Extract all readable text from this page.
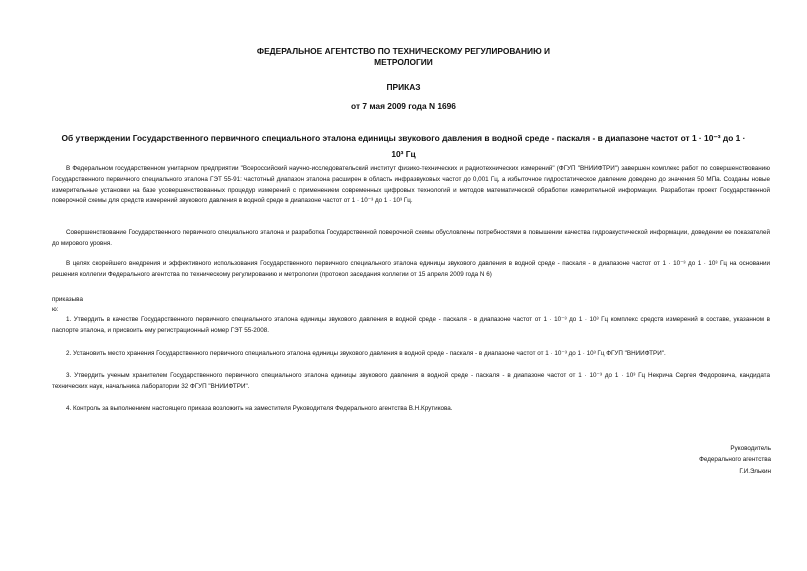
ФЕДЕРАЛЬНОЕ АГЕНТСТВО ПО ТЕХНИЧЕСКОМУ РЕГУЛИРОВАНИЮ И
МЕТРОЛОГИИ
ПРИКАЗ
от 7 мая 2009 года N 1696
Об утверждении Государственного первичного специального эталона единицы звукового давления в водной среде - паскаля - в диапазоне частот от 1 · 10⁻³ до 1 ·
10³ Гц

В Федеральном государственном унитарном предприятии "Всероссийский научно-исследовательский институт физико-технических и радиотехнических измерений" (ФГУП "ВНИИФТРИ") завершен комплекс работ по совершенствованию Государственного первичного специального эталона ГЭТ 55-91: частотный диапазон эталона расширен в область инфразвуковых частот до 0,001 Гц, а избыточное гидростатическое давление доведено до значения 50 МПа. Созданы новые измерительные установки на базе усовершенствованных процедур измерений с применением современных цифровых технологий и методов математической обработки измерительной информации. Разработан проект Государственной поверочной схемы для средств измерений звукового давления в водной среде в диапазоне частот от 1 · 10⁻³ до 1 · 10³ Гц.

Совершенствование Государственного первичного специального эталона и разработка Государственной поверочной схемы обусловлены потребностями в повышении качества гидроакустической информации, доведении ее показателей до мирового уровня.

В целях скорейшего внедрения и эффективного использования Государственного первичного специального эталона единицы звукового давления в водной среде - паскаля - в диапазоне частот от 1 · 10⁻³ до 1 · 10³ Гц на основании решения коллегии Федерального агентства по техническому регулированию и метрологии (протокол заседания коллегии от 15 апреля 2009 года N 6)

приказыва
ю:

1. Утвердить в качестве Государственного первичного специального эталона единицы звукового давления в водной среде - паскаля - в диапазоне частот от 1 · 10⁻³ до 1 · 10³ Гц комплекс средств измерений в составе, указанном в паспорте эталона, и присвоить ему регистрационный номер ГЭТ 55-2008.

2. Установить место хранения Государственного первичного специального эталона единицы звукового давления в водной среде - паскаля - в диапазоне частот от 1 · 10⁻³ до 1 · 10³ Гц ФГУП "ВНИИФТРИ".

3. Утвердить ученым хранителем Государственного первичного специального эталона единицы звукового давления в водной среде - паскаля - в диапазоне частот от 1 · 10⁻³ до 1 · 10³ Гц Некрича Сергея Федоровича, кандидата технических наук, начальника лаборатории 32 ФГУП "ВНИИФТРИ".

4. Контроль за выполнением настоящего приказа возложить на заместителя Руководителя Федерального агентства В.Н.Крутикова.

Руководитель
Федерального агентства
Г.И.Элькин
